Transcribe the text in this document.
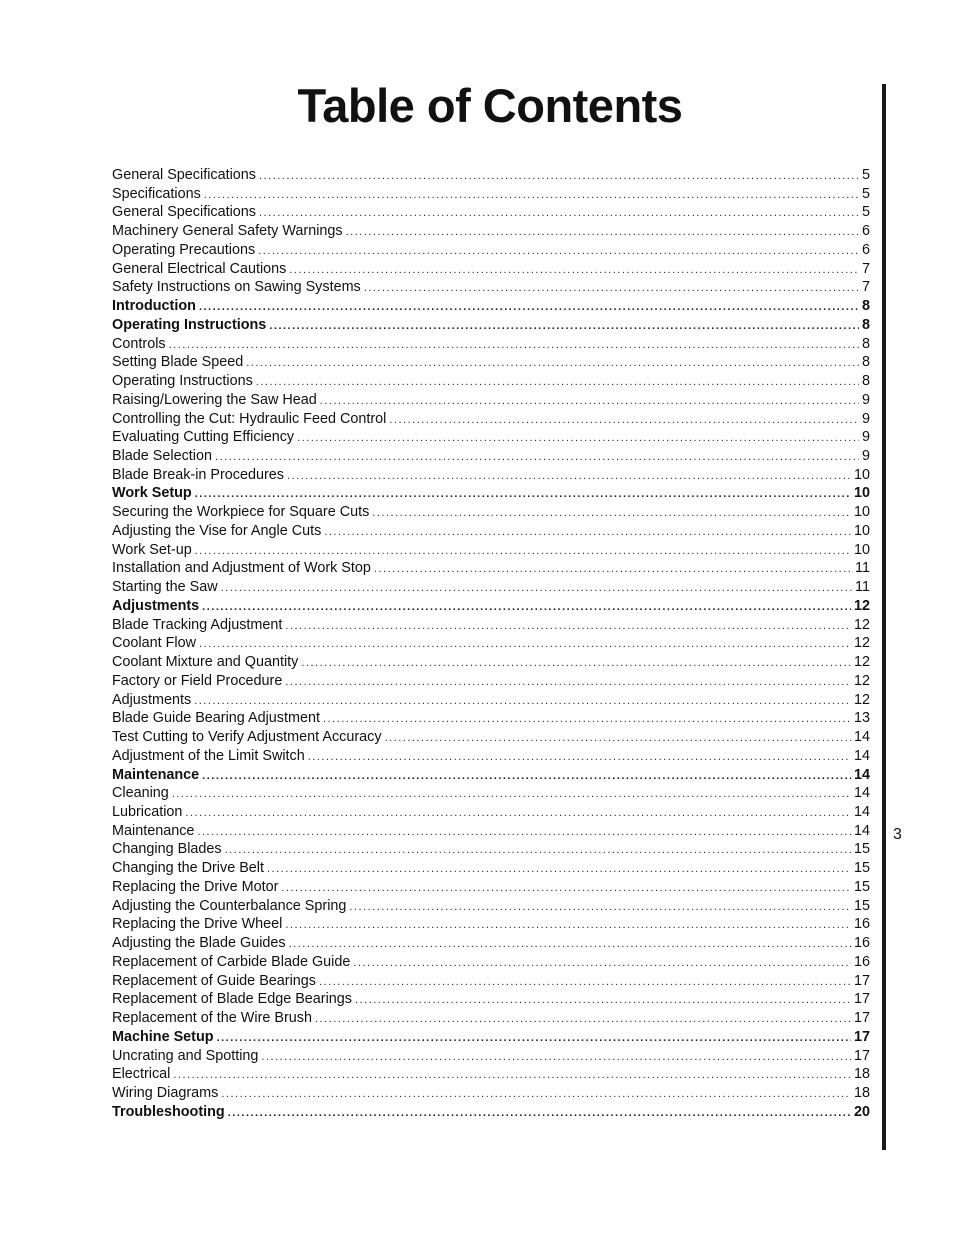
Table of Contents
3
General Specifications .....	5
Specifications .....	5
General Specifications .....	5
Machinery General Safety Warnings .....	6
Operating Precautions .....	6
General Electrical Cautions .....	7
Safety Instructions on Sawing Systems .....	7
Introduction .....	8
Operating Instructions .....	8
Controls .....	8
Setting Blade Speed .....	8
Operating Instructions .....	8
Raising/Lowering the Saw Head .....	9
Controlling the Cut: Hydraulic Feed Control .....	9
Evaluating Cutting Efficiency .....	9
Blade Selection .....	9
Blade Break-in Procedures .....	10
Work Setup .....	10
Securing the Workpiece for Square Cuts .....	10
Adjusting the Vise for Angle Cuts .....	10
Work Set-up .....	10
Installation and Adjustment of Work Stop .....	11
Starting the Saw .....	11
Adjustments .....	12
Blade Tracking Adjustment .....	12
Coolant Flow .....	12
Coolant Mixture and Quantity .....	12
Factory or Field Procedure .....	12
Adjustments .....	12
Blade Guide Bearing Adjustment .....	13
Test Cutting to Verify Adjustment Accuracy .....	14
Adjustment of the Limit Switch .....	14
Maintenance .....	14
Cleaning .....	14
Lubrication .....	14
Maintenance .....	14
Changing Blades .....	15
Changing the Drive Belt .....	15
Replacing the Drive Motor .....	15
Adjusting the Counterbalance Spring .....	15
Replacing the Drive Wheel .....	16
Adjusting the Blade Guides .....	16
Replacement of Carbide Blade Guide .....	16
Replacement of Guide Bearings .....	17
Replacement of Blade Edge Bearings .....	17
Replacement of the Wire Brush .....	17
Machine Setup .....	17
Uncrating and Spotting .....	17
Electrical .....	18
Wiring Diagrams .....	18
Troubleshooting .....	20
